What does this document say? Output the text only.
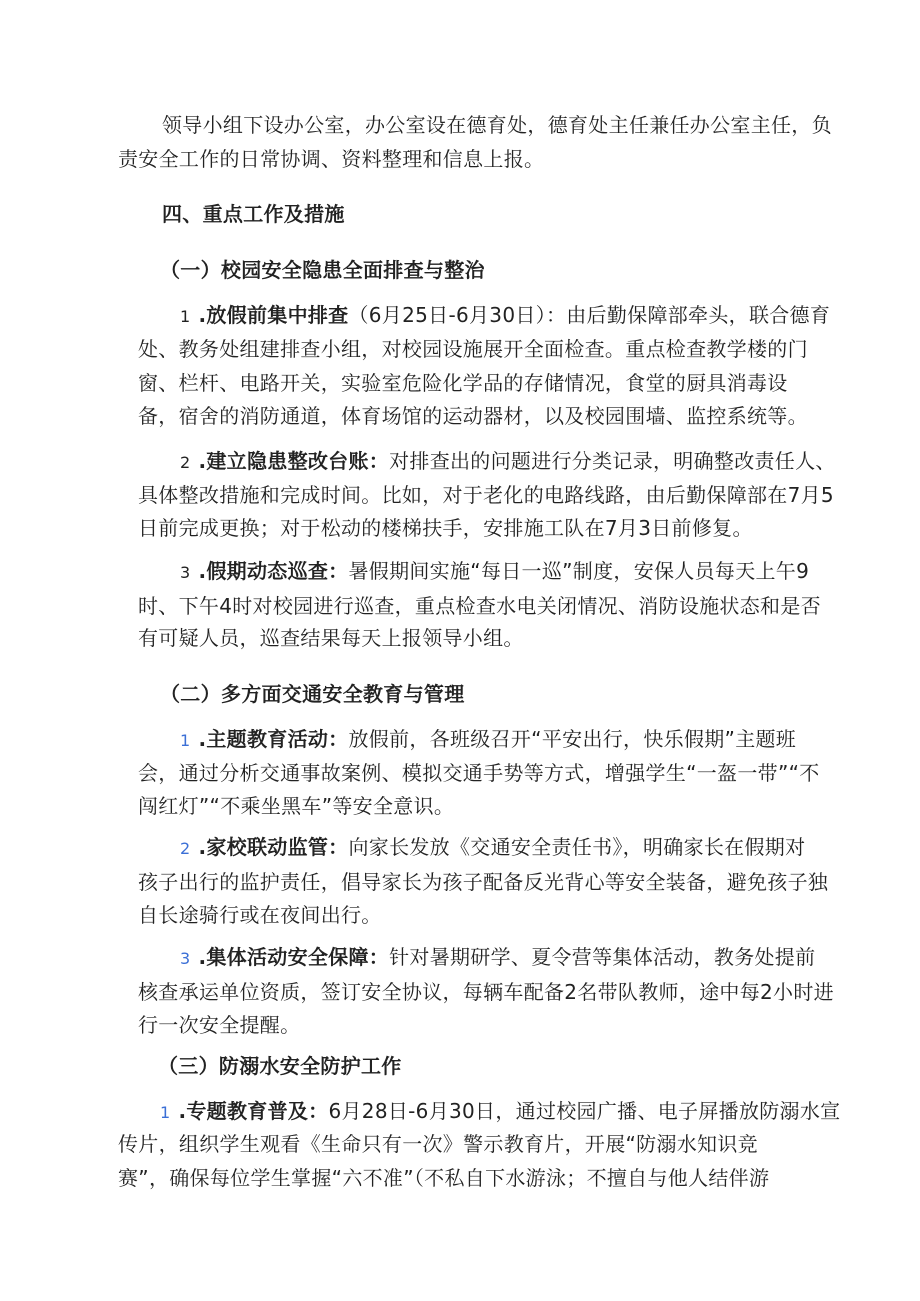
领导小组下设办公室，办公室设在德育处，德育处主任兼任办公室主任，负
责安全工作的日常协调、资料整理和信息上报。
四、重点工作及措施
（一）校园安全隐患全面排查与整治
1 .放假前集中排查（6月25日-6月30日）：由后勤保障部牵头，联合德育
处、教务处组建排查小组，对校园设施展开全面检查。重点检查教学楼的门
窗、栏杆、电路开关，实验室危险化学品的存储情况，食堂的厨具消毒设
备，宿舍的消防通道，体育场馆的运动器材，以及校园围墙、监控系统等。
2 .建立隐患整改台账：对排查出的问题进行分类记录，明确整改责任人、
具体整改措施和完成时间。比如，对于老化的电路线路，由后勤保障部在7月5
日前完成更换；对于松动的楼梯扶手，安排施工队在7月3日前修复。
3 .假期动态巡查：暑假期间实施“每日一巡”制度，安保人员每天上午9
时、下午4时对校园进行巡查，重点检查水电关闭情况、消防设施状态和是否
有可疑人员，巡查结果每天上报领导小组。
（二）多方面交通安全教育与管理
1 .主题教育活动：放假前，各班级召开“平安出行，快乐假期”主题班
会，通过分析交通事故案例、模拟交通手势等方式，增强学生“一盔一带”“不
闯红灯”“不乘坐黑车”等安全意识。
2 .家校联动监管：向家长发放《交通安全责任书》，明确家长在假期对
孩子出行的监护责任，倡导家长为孩子配备反光背心等安全装备，避免孩子独
自长途骑行或在夜间出行。
3 .集体活动安全保障：针对暑期研学、夏令营等集体活动，教务处提前
核查承运单位资质，签订安全协议，每辆车配备2名带队教师，途中每2小时进
行一次安全提醒。
（三）防溺水安全防护工作
1 .专题教育普及：6月28日-6月30日，通过校园广播、电子屏播放防溺水宣
传片，组织学生观看《生命只有一次》警示教育片，开展“防溺水知识竞
赛”，确保每位学生掌握“六不准”（不私自下水游泳；不擅自与他人结伴游
